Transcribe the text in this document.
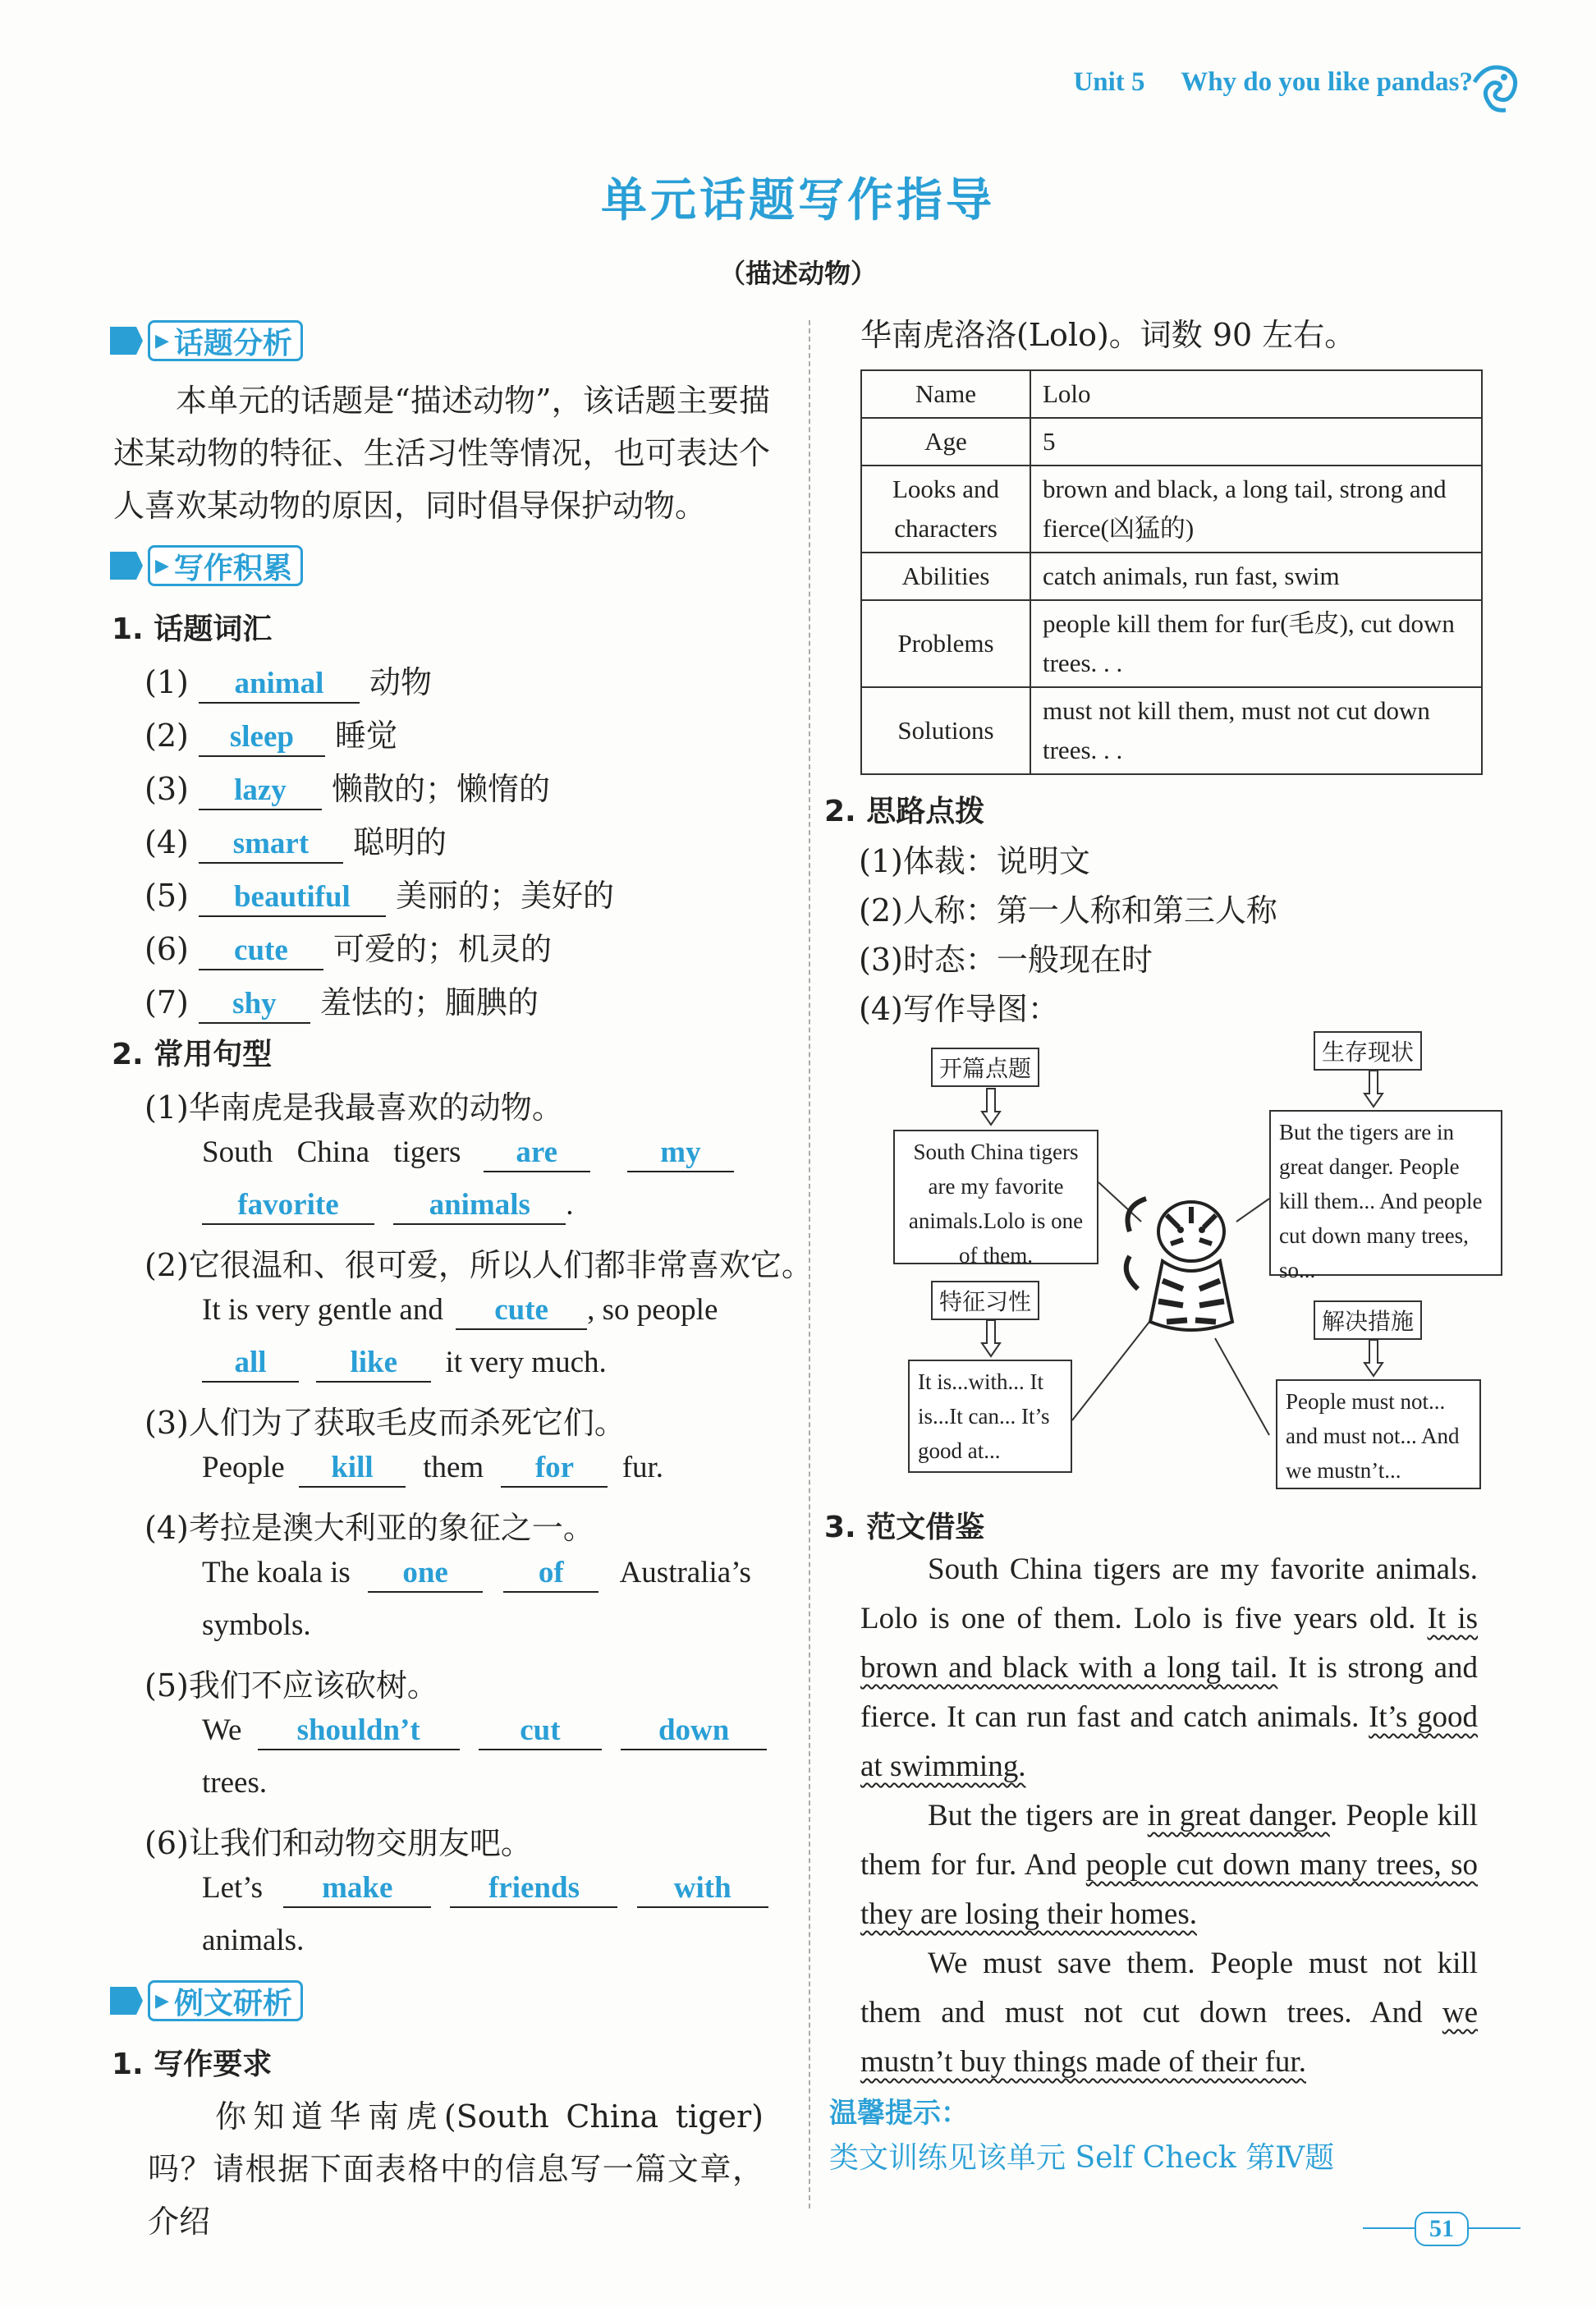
Unit 5 Why do you like pandas?
单元话题写作指导
（描述动物）
▶ 话题分析
本单元的话题是“描述动物”，该话题主要描述某动物的特征、生活习性等情况，也可表达个人喜欢某动物的原因，同时倡导保护动物。
▶ 写作积累
1. 话题词汇
(1) animal 动物
(2) sleep 睡觉
(3) lazy 懒散的；懒惰的
(4) smart 聪明的
(5) beautiful 美丽的；美好的
(6) cute 可爱的；机灵的
(7) shy 羞怯的；腼腆的
2. 常用句型
(1)华南虎是我最喜欢的动物。
South China tigers are	my
favorite	animals .
(2)它很温和、很可爱，所以人们都非常喜欢它。
It is very gentle and cute , so people
all	like it very much.
(3)人们为了获取毛皮而杀死它们。
People kill them for fur.
(4)考拉是澳大利亚的象征之一。
The koala is one	of Australia’s
symbols.
(5)我们不应该砍树。
We shouldn’t	cut	down
trees.
(6)让我们和动物交朋友吧。
Let’s make	friends	with
animals.
▶ 例文研析
1. 写作要求
你知道华南虎(South China tiger)吗？请根据下面表格中的信息写一篇文章，介绍
Name	Lolo
Age	5
Looks and characters	brown and black, a long tail, strong and fierce(凶猛的)
Abilities	catch animals, run fast, swim
Problems	people kill them for fur(毛皮), cut down trees. . .
Solutions	must not kill them, must not cut down trees. . .
2. 思路点拨
(1)体裁：说明文
(2)人称：第一人称和第三人称
(3)时态：一般现在时
(4)写作导图：
开篇点题
South China tigers are my favorite animals.Lolo is one of them.
生存现状
But the tigers are in great danger. People kill them... And people cut down many trees, so...
特征习性
It is...with... It is...It can... It’s good at...
解决措施
People must not... and must not... And we mustn’t...
3. 范文借鉴
South China tigers are my favorite animals. Lolo is one of them. Lolo is five years old. It is brown and black with a long tail. It is strong and fierce. It can run fast and catch animals. It’s good at swimming.
But the tigers are in great danger. People kill them for fur. And people cut down many trees, so they are losing their homes.
We must save them. People must not kill them and must not cut down trees. And we mustn’t buy things made of their fur.
温馨提示：
类文训练见该单元 Self Check 第Ⅳ题
51
华南虎洛洛(Lolo)。词数 90 左右。
